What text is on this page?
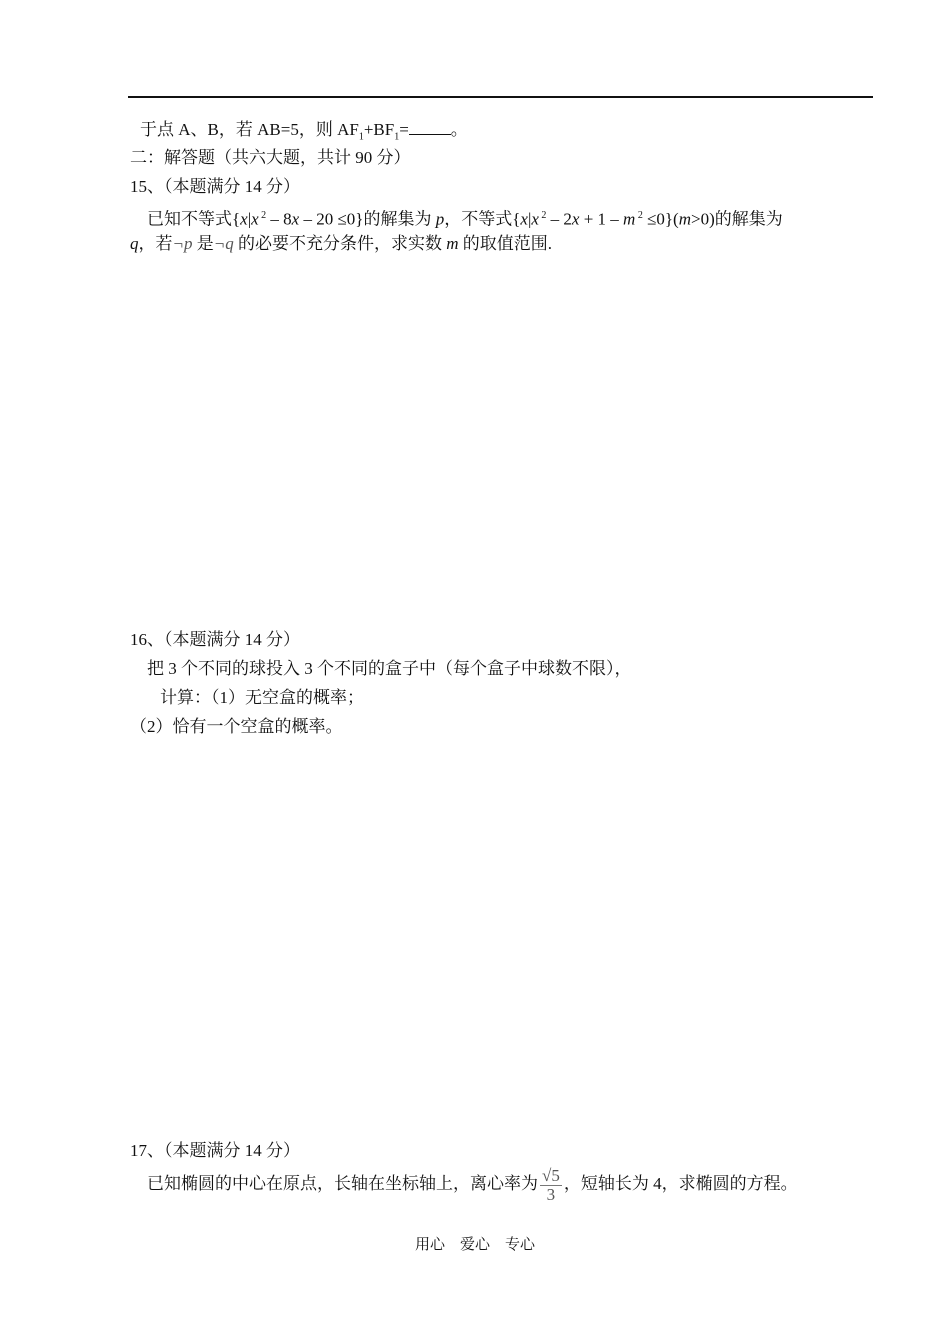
于点 A、B，若 AB=5，则 $AF_1+BF_1=$ 。
二：解答题（共六大题，共计 90 分）
15、（本题满分 14 分）
已知不等式{x|x $^2$ – 8x – 20 ≤0}的解集为 p，不等式{x|x $^2$ – 2x + 1 – m $^2$ ≤0}(m>0)的解集为
q，若¬p 是¬q 的必要不充分条件，求实数 m 的取值范围.
16、（本题满分 14 分）
把 3 个不同的球投入 3 个不同的盒子中（每个盒子中球数不限），
计算：（1）无空盒的概率；
（2）恰有一个空盒的概率。
17、（本题满分 14 分）
已知椭圆的中心在原点，长轴在坐标轴上，离心率为 $\frac{√5}{3}$ ，短轴长为 4，求椭圆的方程。
用心　爱心　专心
